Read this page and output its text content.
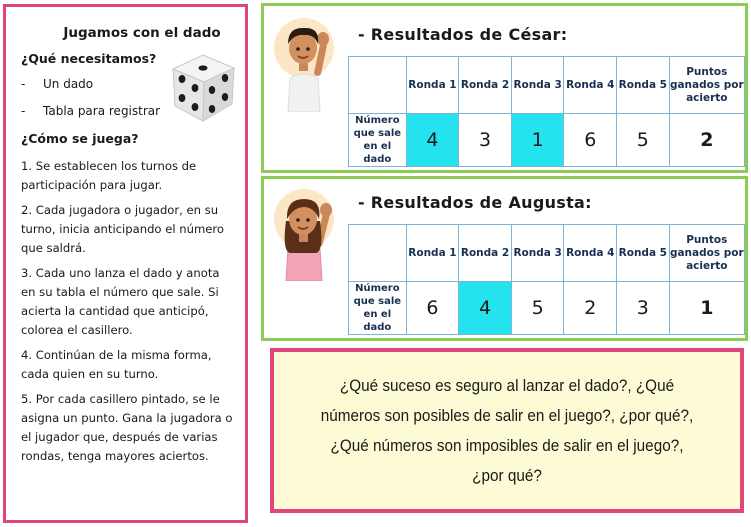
Jugamos con el dado
¿Qué necesitamos?
-	Un dado
-	Tabla para registrar
¿Cómo se juega?

1. Se establecen los turnos de participación para jugar.

2. Cada jugadora o jugador, en su turno, inicia anticipando el número que saldrá.

3. Cada uno lanza el dado y anota en su tabla el número que sale. Si acierta la cantidad que anticipó, colorea el casillero.

4. Continúan de la misma forma, cada quien en su turno.

5. Por cada casillero pintado, se le asigna un punto. Gana la jugadora o el jugador que, después de varias rondas, tenga mayores aciertos.

- Resultados de César:
	Ronda 1	Ronda 2	Ronda 3	Ronda 4	Ronda 5	Puntos ganados por acierto
Número que sale en el dado	4	3	1	6	5	2
- Resultados de Augusta:
	Ronda 1	Ronda 2	Ronda 3	Ronda 4	Ronda 5	Puntos ganados por acierto
Número que sale en el dado	6	4	5	2	3	1

¿Qué suceso es seguro al lanzar el dado?, ¿Qué números son posibles de salir en el juego?, ¿por qué?, ¿Qué números son imposibles de salir en el juego?, ¿por qué?
